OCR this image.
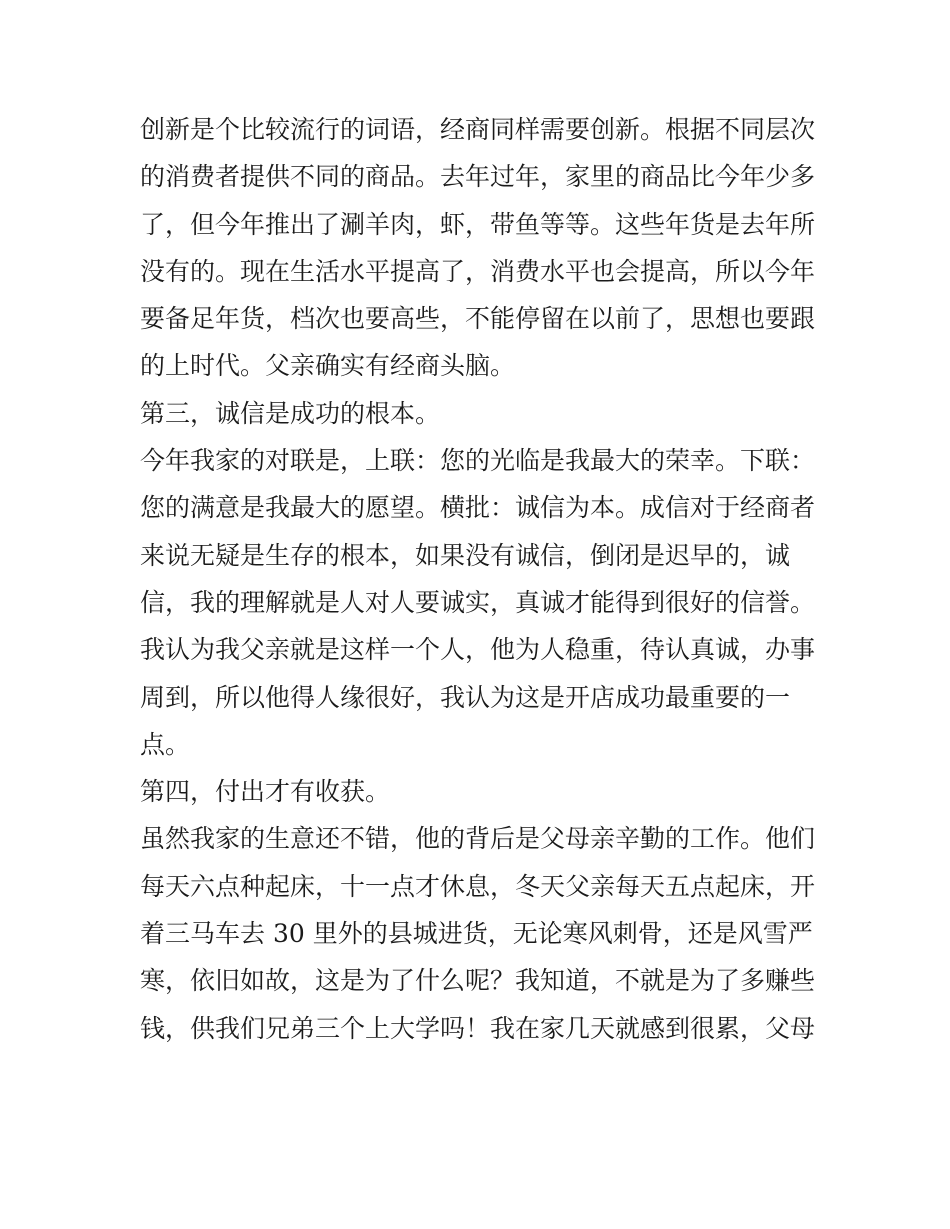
创新是个比较流行的词语，经商同样需要创新。根据不同层次
的消费者提供不同的商品。去年过年，家里的商品比今年少多
了，但今年推出了涮羊肉，虾，带鱼等等。这些年货是去年所
没有的。现在生活水平提高了，消费水平也会提高，所以今年
要备足年货，档次也要高些，不能停留在以前了，思想也要跟
的上时代。父亲确实有经商头脑。
第三，诚信是成功的根本。
今年我家的对联是，上联：您的光临是我最大的荣幸。下联：
您的满意是我最大的愿望。横批：诚信为本。成信对于经商者
来说无疑是生存的根本，如果没有诚信，倒闭是迟早的，诚
信，我的理解就是人对人要诚实，真诚才能得到很好的信誉。
我认为我父亲就是这样一个人，他为人稳重，待认真诚，办事
周到，所以他得人缘很好，我认为这是开店成功最重要的一
点。
第四，付出才有收获。
虽然我家的生意还不错，他的背后是父母亲辛勤的工作。他们
每天六点种起床，十一点才休息，冬天父亲每天五点起床，开
着三马车去 30 里外的县城进货，无论寒风刺骨，还是风雪严
寒，依旧如故，这是为了什么呢？我知道，不就是为了多赚些
钱，供我们兄弟三个上大学吗！我在家几天就感到很累，父母
